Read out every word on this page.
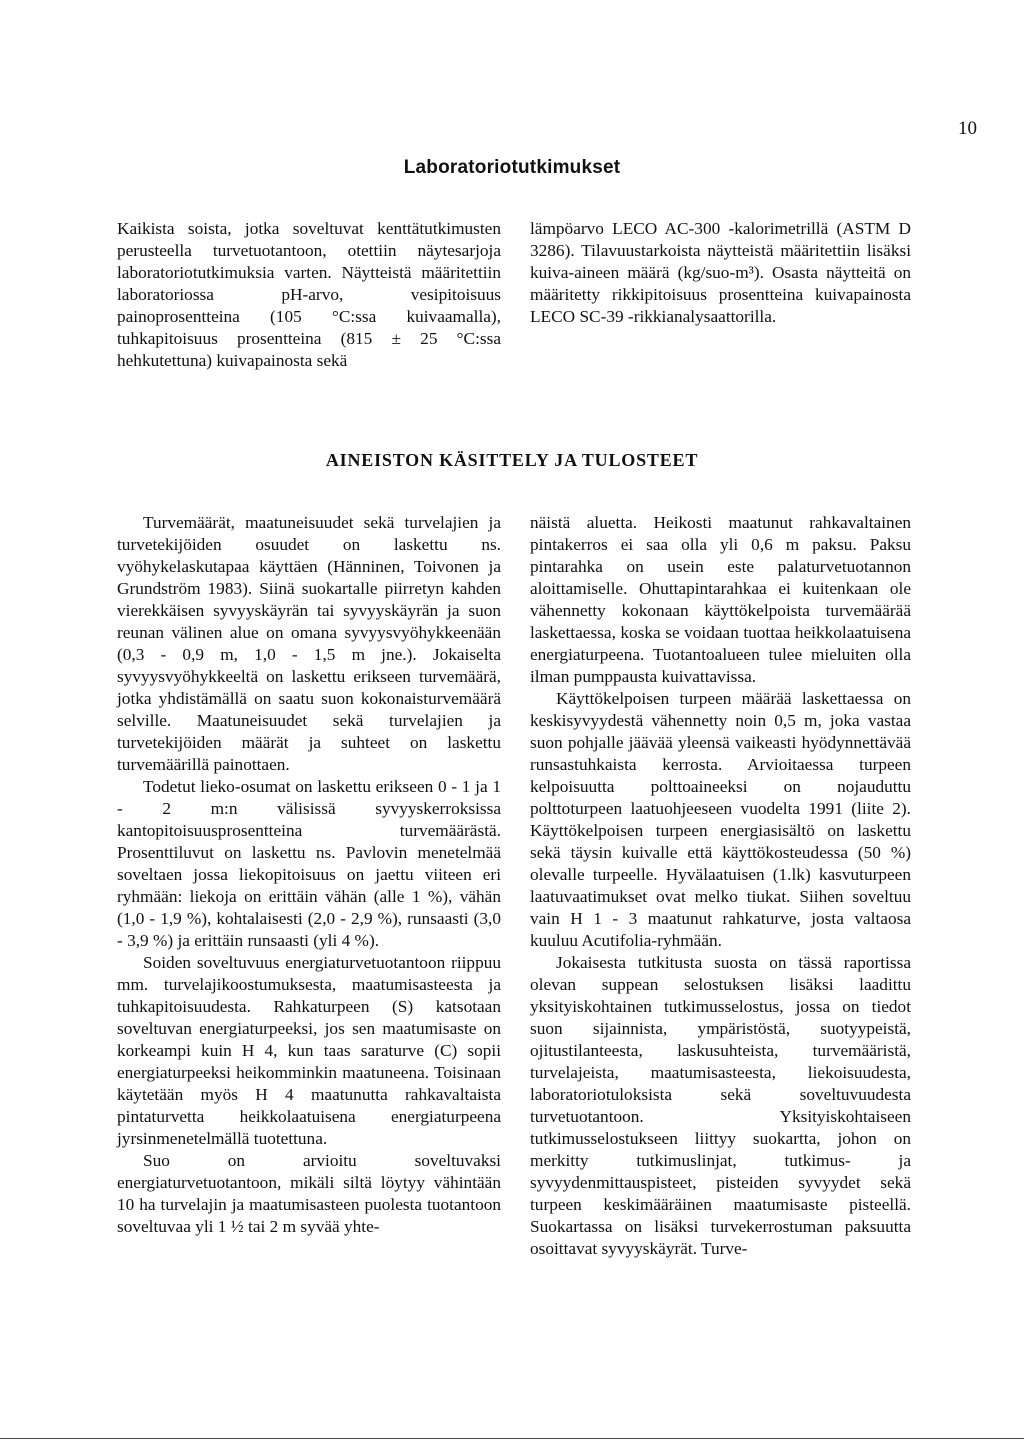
10
Laboratoriotutkimukset

Kaikista soista, jotka soveltuvat kenttätutkimusten perusteella turvetuotantoon, otettiin näytesarjoja laboratoriotutkimuksia varten. Näytteistä määritettiin laboratoriossa pH-arvo, vesipitoisuus painoprosentteina (105 °C:ssa kuivaamalla), tuhkapitoisuus prosentteina (815 ± 25 °C:ssa hehkutettuna) kuivapainosta sekä

lämpöarvo LECO AC-300 -kalorimetrillä (ASTM D 3286). Tilavuustarkoista näytteistä määritettiin lisäksi kuiva-aineen määrä (kg/suo-m³). Osasta näytteitä on määritetty rikkipitoisuus prosentteina kuivapainosta LECO SC-39 -rikkianalysaattorilla.

AINEISTON KÄSITTELY JA TULOSTEET

Turvemäärät, maatuneisuudet sekä turvelajien ja turvetekijöiden osuudet on laskettu ns. vyöhykelaskutapaa käyttäen (Hänninen, Toivonen ja Grundström 1983). Siinä suokartalle piirretyn kahden vierekkäisen syvyyskäyrän tai syvyyskäyrän ja suon reunan välinen alue on omana syvyysvyöhykkeenään (0,3 - 0,9 m, 1,0 - 1,5 m jne.). Jokaiselta syvyysvyöhykkeeltä on laskettu erikseen turvemäärä, jotka yhdistämällä on saatu suon kokonaisturvemäärä selville. Maatuneisuudet sekä turvelajien ja turvetekijöiden määrät ja suhteet on laskettu turvemäärillä painottaen.

Todetut lieko-osumat on laskettu erikseen 0 - 1 ja 1 - 2 m:n välisissä syvyyskerroksissa kantopitoisuusprosentteina turvemäärästä. Prosenttiluvut on laskettu ns. Pavlovin menetelmää soveltaen jossa liekopitoisuus on jaettu viiteen eri ryhmään: liekoja on erittäin vähän (alle 1 %), vähän (1,0 - 1,9 %), kohtalaisesti (2,0 - 2,9 %), runsaasti (3,0 - 3,9 %) ja erittäin runsaasti (yli 4 %).

Soiden soveltuvuus energiaturvetuotantoon riippuu mm. turvelajikoostumuksesta, maatumisasteesta ja tuhkapitoisuudesta. Rahkaturpeen (S) katsotaan soveltuvan energiaturpeeksi, jos sen maatumisaste on korkeampi kuin H 4, kun taas saraturve (C) sopii energiaturpeeksi heikomminkin maatuneena. Toisinaan käytetään myös H 4 maatunutta rahkavaltaista pintaturvetta heikkolaatuisena energiaturpeena jyrsinmenetelmällä tuotettuna.

Suo on arvioitu soveltuvaksi energiaturvetuotantoon, mikäli siltä löytyy vähintään 10 ha turvelajin ja maatumisasteen puolesta tuotantoon soveltuvaa yli 1 ½ tai 2 m syvää yhte-

näistä aluetta. Heikosti maatunut rahkavaltainen pintakerros ei saa olla yli 0,6 m paksu. Paksu pintarahka on usein este palaturvetuotannon aloittamiselle. Ohuttapintarahkaa ei kuitenkaan ole vähennetty kokonaan käyttökelpoista turvemäärää laskettaessa, koska se voidaan tuottaa heikkolaatuisena energiaturpeena. Tuotantoalueen tulee mieluiten olla ilman pumppausta kuivattavissa.

Käyttökelpoisen turpeen määrää laskettaessa on keskisyvyydestä vähennetty noin 0,5 m, joka vastaa suon pohjalle jäävää yleensä vaikeasti hyödynnettävää runsastuhkaista kerrosta. Arvioitaessa turpeen kelpoisuutta polttoaineeksi on nojauduttu polttoturpeen laatuohjeeseen vuodelta 1991 (liite 2). Käyttökelpoisen turpeen energiasisältö on laskettu sekä täysin kuivalle että käyttökosteudessa (50 %) olevalle turpeelle. Hyvälaatuisen (1.lk) kasvuturpeen laatuvaatimukset ovat melko tiukat. Siihen soveltuu vain H 1 - 3 maatunut rahkaturve, josta valtaosa kuuluu Acutifolia-ryhmään.

Jokaisesta tutkitusta suosta on tässä raportissa olevan suppean selostuksen lisäksi laadittu yksityiskohtainen tutkimusselostus, jossa on tiedot suon sijainnista, ympäristöstä, suotyypeistä, ojitustilanteesta, laskusuhteista, turvemääristä, turvelajeista, maatumisasteesta, liekoisuudesta, laboratoriotuloksista sekä soveltuvuudesta turvetuotantoon. Yksityiskohtaiseen tutkimusselostukseen liittyy suokartta, johon on merkitty tutkimuslinjat, tutkimus- ja syvyydenmittauspisteet, pisteiden syvyydet sekä turpeen keskimääräinen maatumisaste pisteellä. Suokartassa on lisäksi turvekerrostuman paksuutta osoittavat syvyyskäyrät. Turve-
